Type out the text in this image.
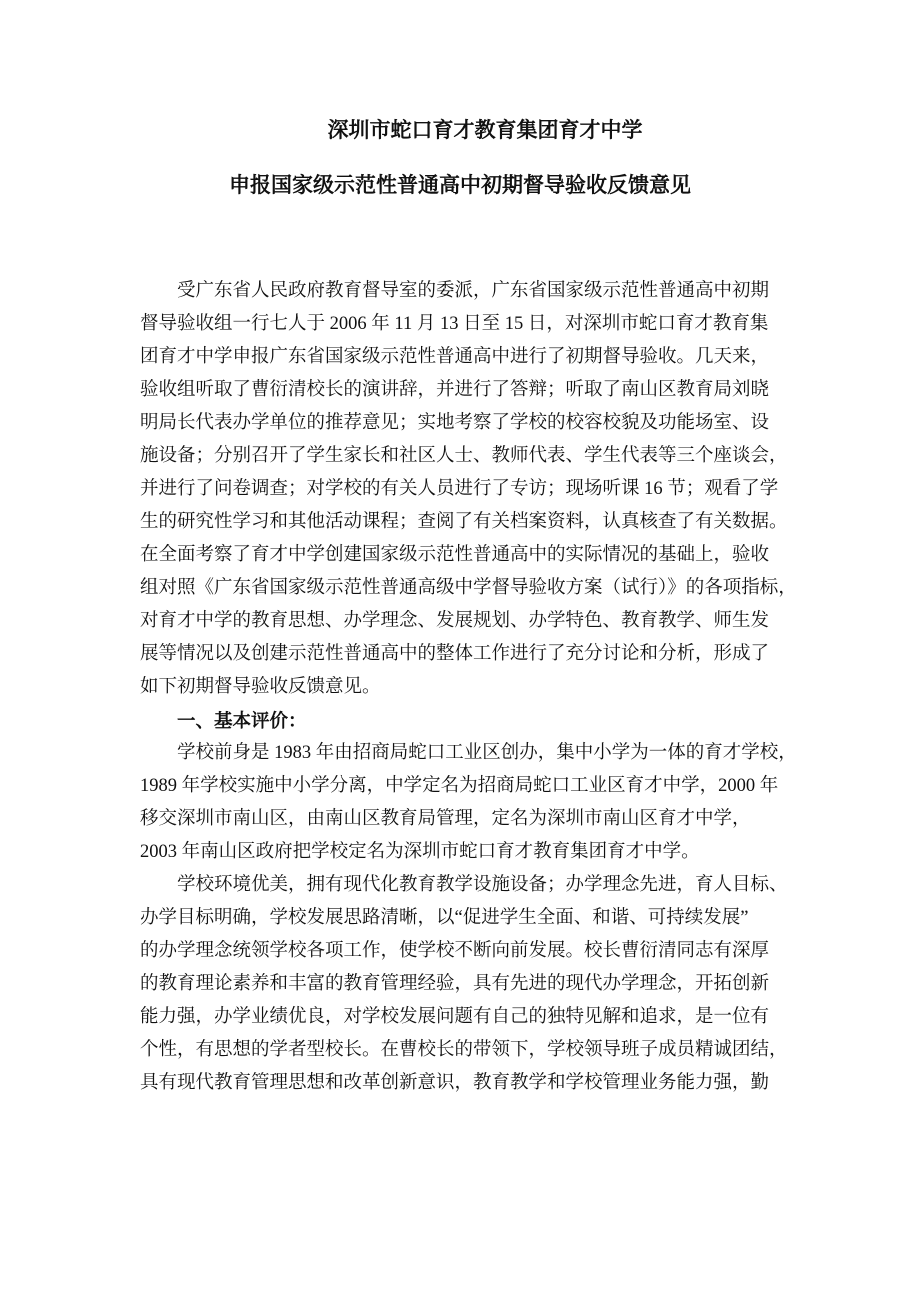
深圳市蛇口育才教育集团育才中学
申报国家级示范性普通高中初期督导验收反馈意见
受广东省人民政府教育督导室的委派，广东省国家级示范性普通高中初期
督导验收组一行七人于 2006 年 11 月 13 日至 15 日，对深圳市蛇口育才教育集
团育才中学申报广东省国家级示范性普通高中进行了初期督导验收。几天来，
验收组听取了曹衍清校长的演讲辞，并进行了答辩；听取了南山区教育局刘晓
明局长代表办学单位的推荐意见；实地考察了学校的校容校貌及功能场室、设
施设备；分别召开了学生家长和社区人士、教师代表、学生代表等三个座谈会，
并进行了问卷调查；对学校的有关人员进行了专访；现场听课 16 节；观看了学
生的研究性学习和其他活动课程；查阅了有关档案资料，认真核查了有关数据。
在全面考察了育才中学创建国家级示范性普通高中的实际情况的基础上，验收
组对照《广东省国家级示范性普通高级中学督导验收方案（试行）》的各项指标，
对育才中学的教育思想、办学理念、发展规划、办学特色、教育教学、师生发
展等情况以及创建示范性普通高中的整体工作进行了充分讨论和分析，形成了
如下初期督导验收反馈意见。
一、基本评价：
学校前身是 1983 年由招商局蛇口工业区创办，集中小学为一体的育才学校，
1989 年学校实施中小学分离，中学定名为招商局蛇口工业区育才中学，2000 年
移交深圳市南山区，由南山区教育局管理，定名为深圳市南山区育才中学，
2003 年南山区政府把学校定名为深圳市蛇口育才教育集团育才中学。
学校环境优美，拥有现代化教育教学设施设备；办学理念先进，育人目标、
办学目标明确，学校发展思路清晰，以“促进学生全面、和谐、可持续发展”
的办学理念统领学校各项工作，使学校不断向前发展。校长曹衍清同志有深厚
的教育理论素养和丰富的教育管理经验，具有先进的现代办学理念，开拓创新
能力强，办学业绩优良，对学校发展问题有自己的独特见解和追求，是一位有
个性，有思想的学者型校长。在曹校长的带领下，学校领导班子成员精诚团结，
具有现代教育管理思想和改革创新意识，教育教学和学校管理业务能力强，勤
